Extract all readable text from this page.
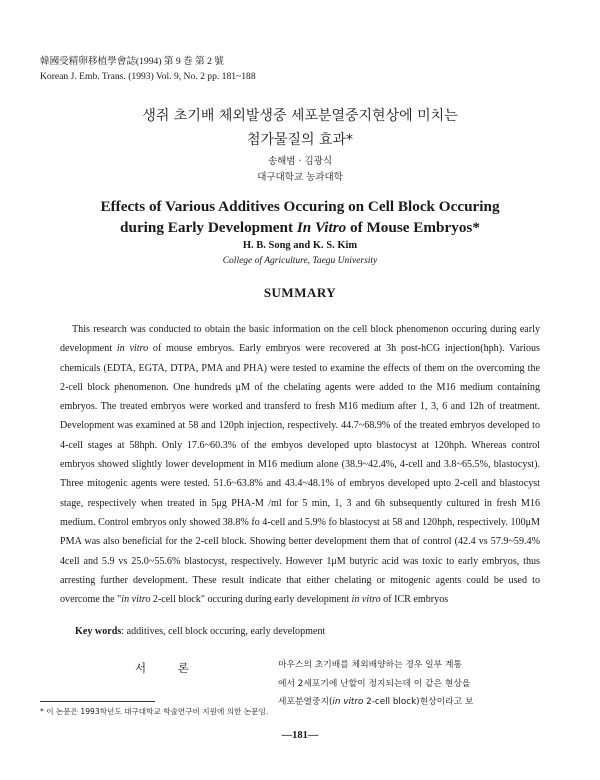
韓國受精卵移植學會誌(1994) 第 9 巻 第 2 號
Korean J. Emb. Trans. (1993) Vol. 9, No. 2 pp. 181~188
생쥐 초기배 체외발생중 세포분열중지현상에 미치는
첨가물질의 효과*
송해범 · 김광식
대구대학교 농과대학
Effects of Various Additives Occuring on Cell Block Occuring
during Early Development In Vitro of Mouse Embryos*
H. B. Song and K. S. Kim
College of Agriculture, Taegu University
SUMMARY
This research was conducted to obtain the basic information on the cell block phenomenon occuring during early development in vitro of mouse embryos. Early embryos were recovered at 3h post-hCG injection(hph). Various chemicals (EDTA, EGTA, DTPA, PMA and PHA) were tested to examine the effects of them on the overcoming the 2-cell block phenomenon. One hundreds μM of the chelating agents were added to the M16 medium containing embryos. The treated embryos were worked and transferd to fresh M16 medium after 1, 3, 6 and 12h of treatment. Development was examined at 58 and 120ph injection, respectively. 44.7~68.9% of the treated embryos developed to 4-cell stages at 58hph. Only 17.6~60.3% of the embyos developed upto blastocyst at 120hph. Whereas control embryos showed slightly lower development in M16 medium alone (38.9~42.4%, 4-cell and 3.8~65.5%, blastocyst). Three mitogenic agents were tested. 51.6~63.8% and 43.4~48.1% of embryos developed upto 2-cell and blastocyst stage, respectively when treated in 5μg PHA-M /ml for 5 min, 1, 3 and 6h subsequently cultured in fresh M16 medium. Control embryos only showed 38.8% fo 4-cell and 5.9% fo blastocyst at 58 and 120hph, respectively. 100μM PMA was also beneficial for the 2-cell block. Showing better development them that of control (42.4 vs 57.9~59.4% 4cell and 5.9 vs 25.0~55.6% blastocyst, respectively. However 1μM butyric acid was toxic to early embryos, thus arresting further development. These result indicate that either chelating or mitogenic agents could be used to overcome the "in vitro 2-cell block" occuring during early development in vitro of ICR embryos
Key words: additives, cell block occuring, early development
서 론	마우스의 초기배를 체외배양하는 경우 일부 계통
에서 2세포기에 난할이 정지되는데 이 같은 현상을
세포분열중지(in vitro 2-cell block)현상이라고 보
* 이 논문은 1993학년도 대구대학교 학술연구비 지원에 의한 논문임.
—181—
